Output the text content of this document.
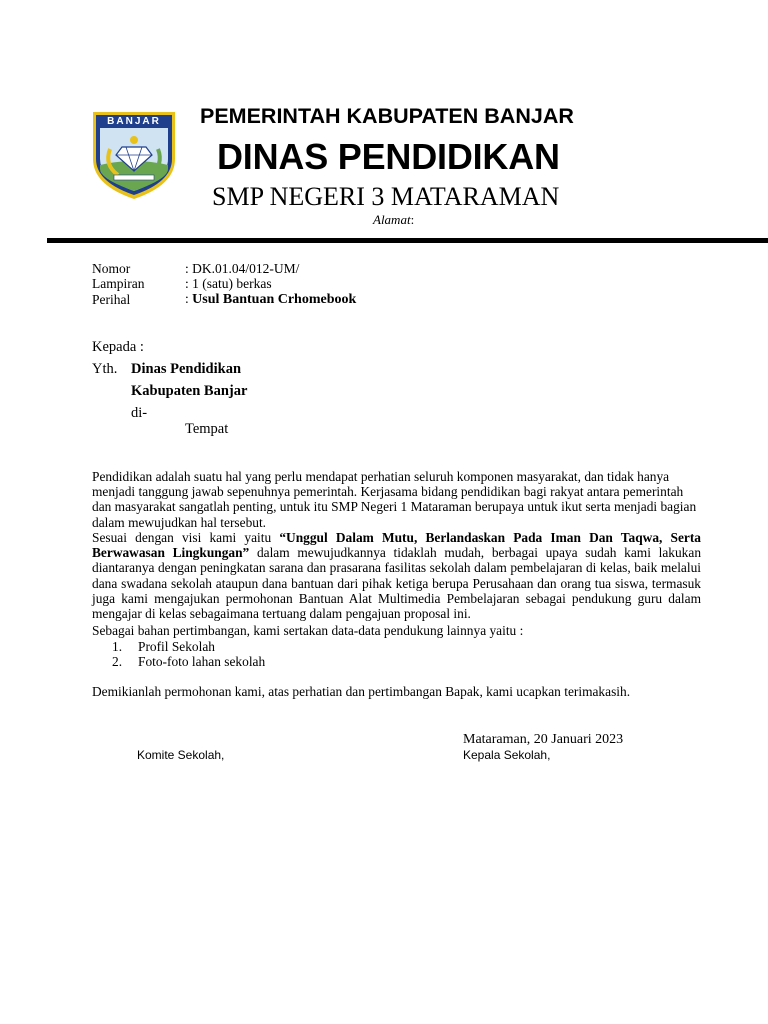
BANJAR PEMERINTAH KABUPATEN BANJAR
DINAS PENDIDIKAN
SMP NEGERI 3 MATARAMAN
Alamat:
Nomor	: DK.01.04/012-UM/
Lampiran	: 1 (satu) berkas
Perihal	: Usul Bantuan Crhomebook
Kepada :
Yth. Dinas Pendidikan
Kabupaten Banjar
di-
Tempat
Pendidikan adalah suatu hal yang perlu mendapat perhatian seluruh komponen masyarakat, dan tidak hanya menjadi tanggung jawab sepenuhnya pemerintah. Kerjasama bidang pendidikan bagi rakyat antara pemerintah dan masyarakat sangatlah penting, untuk itu SMP Negeri 1 Mataraman berupaya untuk ikut serta menjadi bagian dalam mewujudkan hal tersebut.
Sesuai dengan visi kami yaitu “Unggul Dalam Mutu, Berlandaskan Pada Iman Dan Taqwa, Serta Berwawasan Lingkungan” dalam mewujudkannya tidaklah mudah, berbagai upaya sudah kami lakukan diantaranya dengan peningkatan sarana dan prasarana fasilitas sekolah dalam pembelajaran di kelas, baik melalui dana swadana sekolah ataupun dana bantuan dari pihak ketiga berupa Perusahaan dan orang tua siswa, termasuk juga kami mengajukan permohonan Bantuan Alat Multimedia Pembelajaran sebagai pendukung guru dalam mengajar di kelas sebagaimana tertuang dalam pengajuan proposal ini.
Sebagai bahan pertimbangan, kami sertakan data-data pendukung lainnya yaitu :
1. Profil Sekolah
2. Foto-foto lahan sekolah
Demikianlah permohonan kami, atas perhatian dan pertimbangan Bapak, kami ucapkan terimakasih.
Mataraman, 20 Januari 2023
Komite Sekolah,	Kepala Sekolah,
